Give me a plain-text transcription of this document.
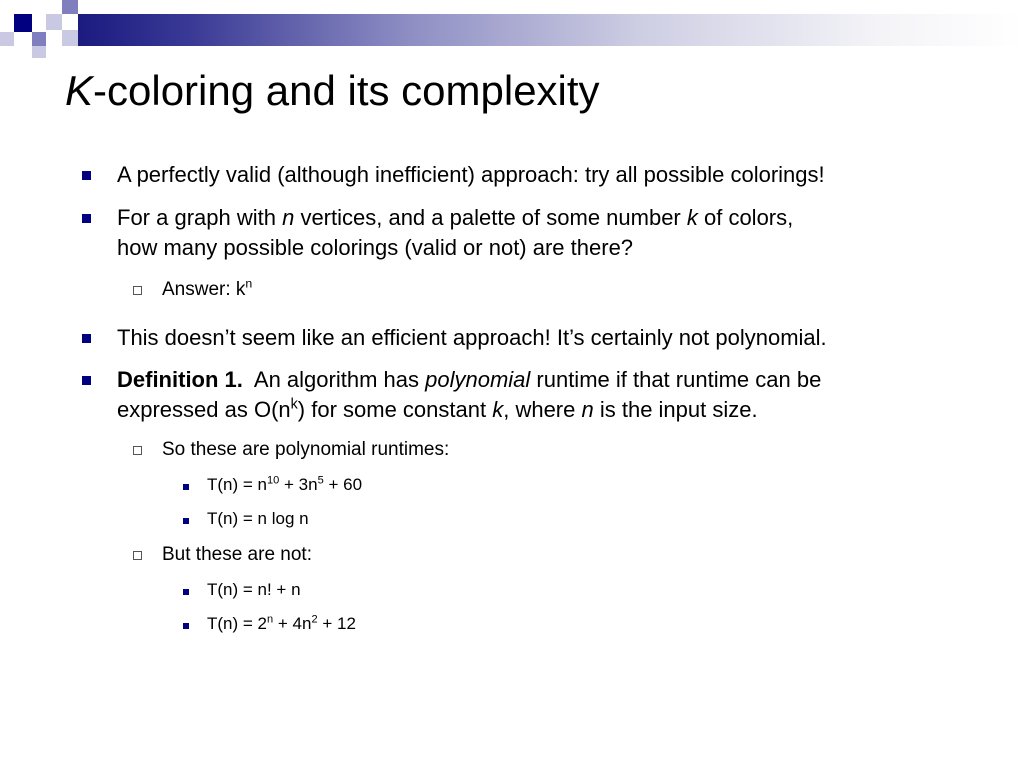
K-coloring and its complexity
A perfectly valid (although inefficient) approach: try all possible colorings!
For a graph with n vertices, and a palette of some number k of colors,
how many possible colorings (valid or not) are there?
Answer: $k^n$
This doesn’t seem like an efficient approach! It’s certainly not polynomial.
Definition 1.  An algorithm has polynomial runtime if that runtime can be
expressed as $O(n^k)$ for some constant k, where n is the input size.
So these are polynomial runtimes:
$T(n) = n^{10} + 3n^5 + 60$
T(n) = n log n
But these are not:
T(n) = n! + n
$T(n) = 2^n + 4n^2 + 12$
